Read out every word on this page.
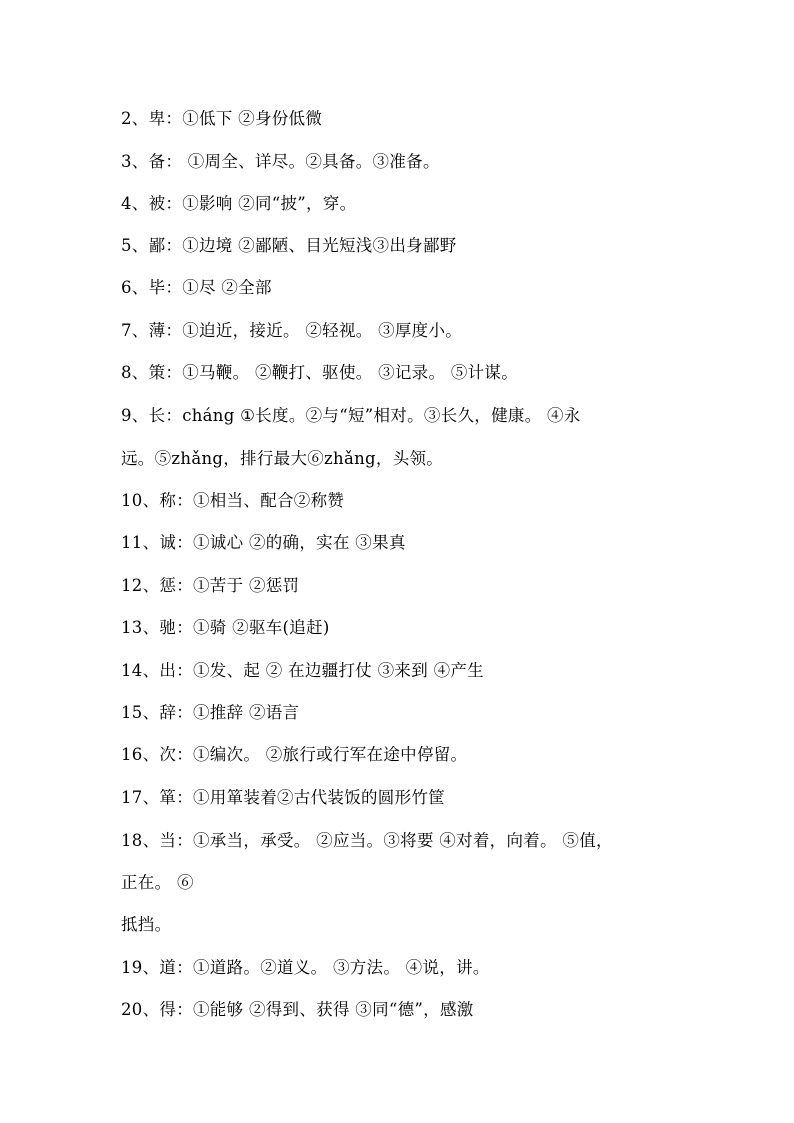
2、卑：①低下 ②身份低微
3、备： ①周全、详尽。②具备。③准备。
4、被：①影响 ②同“披”，穿。
5、鄙：①边境 ②鄙陋、目光短浅③出身鄙野
6、毕：①尽 ②全部
7、薄：①迫近，接近。 ②轻视。 ③厚度小。
8、策：①马鞭。 ②鞭打、驱使。 ③记录。 ⑤计谋。
9、长：cháng ①长度。②与“短”相对。③长久，健康。 ④永
远。⑤zhǎng，排行最大⑥zhǎng，头领。
10、称：①相当、配合②称赞
11、诚：①诚心 ②的确，实在 ③果真
12、惩：①苦于 ②惩罚
13、驰：①骑 ②驱车(追赶)
14、出：①发、起 ② 在边疆打仗 ③来到 ④产生
15、辞：①推辞 ②语言
16、次：①编次。 ②旅行或行军在途中停留。
17、箪：①用箪装着②古代装饭的圆形竹筐
18、当：①承当，承受。 ②应当。③将要 ④对着，向着。 ⑤值，
正在。 ⑥
抵挡。
19、道：①道路。②道义。 ③方法。 ④说，讲。
20、得：①能够 ②得到、获得 ③同“德”，感激
